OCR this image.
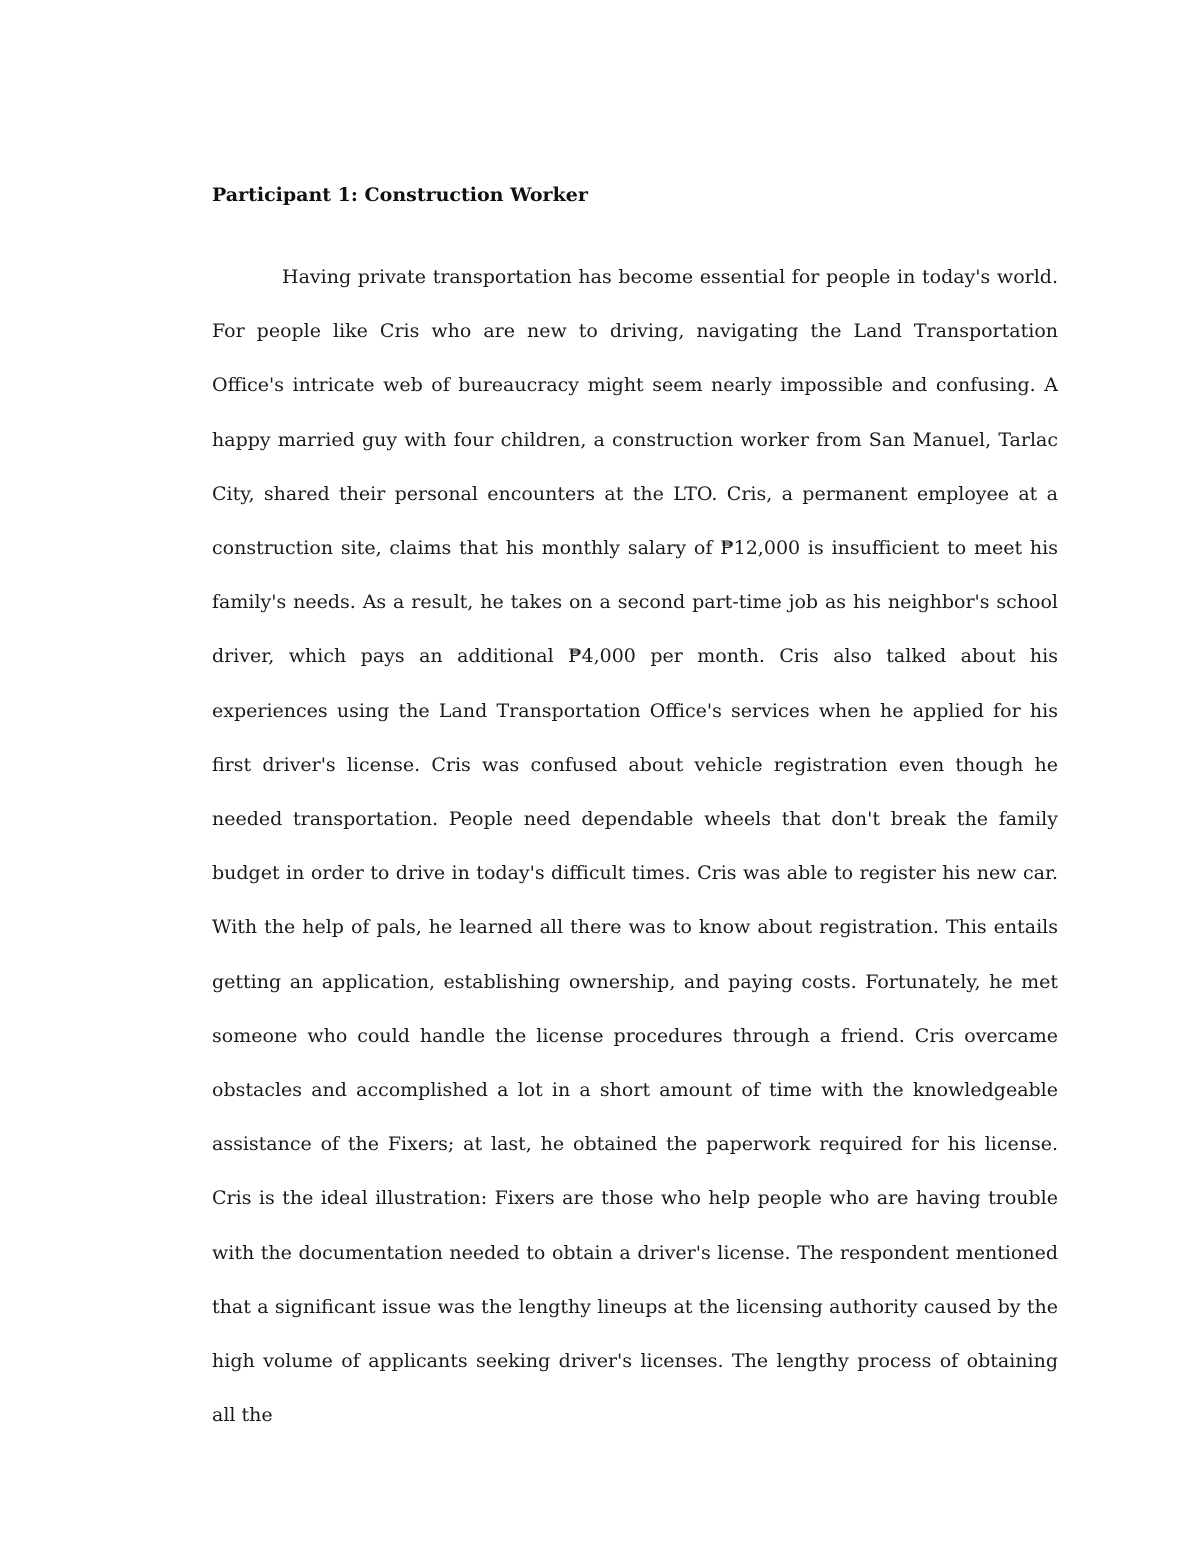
Participant 1: Construction Worker

Having private transportation has become essential for people in today's world. For people like Cris who are new to driving, navigating the Land Transportation Office's intricate web of bureaucracy might seem nearly impossible and confusing. A happy married guy with four children, a construction worker from San Manuel, Tarlac City, shared their personal encounters at the LTO. Cris, a permanent employee at a construction site, claims that his monthly salary of ₱12,000 is insufficient to meet his family's needs. As a result, he takes on a second part-time job as his neighbor's school driver, which pays an additional ₱4,000 per month. Cris also talked about his experiences using the Land Transportation Office's services when he applied for his first driver's license. Cris was confused about vehicle registration even though he needed transportation. People need dependable wheels that don't break the family budget in order to drive in today's difficult times. Cris was able to register his new car. With the help of pals, he learned all there was to know about registration. This entails getting an application, establishing ownership, and paying costs. Fortunately, he met someone who could handle the license procedures through a friend. Cris overcame obstacles and accomplished a lot in a short amount of time with the knowledgeable assistance of the Fixers; at last, he obtained the paperwork required for his license. Cris is the ideal illustration: Fixers are those who help people who are having trouble with the documentation needed to obtain a driver's license. The respondent mentioned that a significant issue was the lengthy lineups at the licensing authority caused by the high volume of applicants seeking driver's licenses. The lengthy process of obtaining all the
